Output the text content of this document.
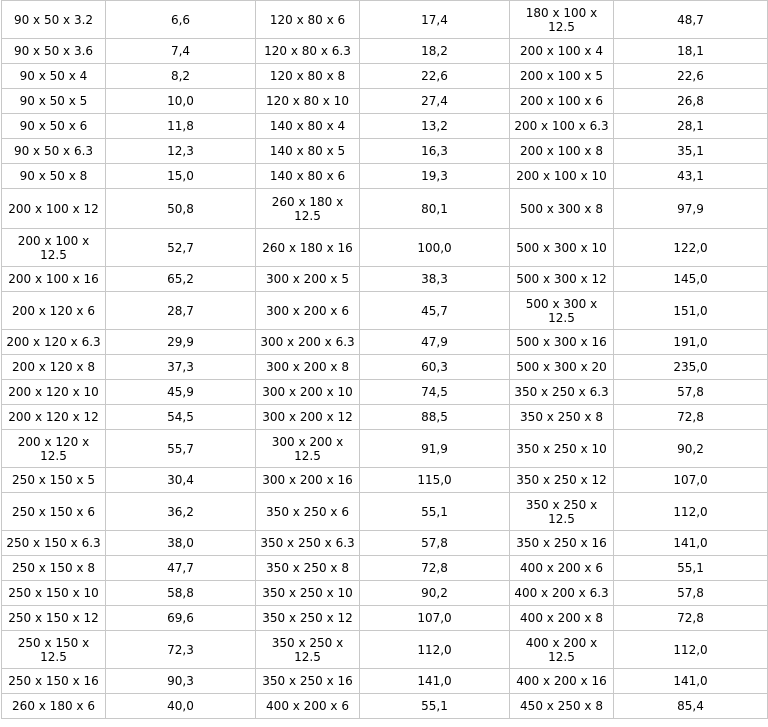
90 x 50 x 3.2	6,6	120 x 80 x 6	17,4	180 x 100 x 12.5	48,7
90 x 50 x 3.6	7,4	120 x 80 x 6.3	18,2	200 x 100 x 4	18,1
90 x 50 x 4	8,2	120 x 80 x 8	22,6	200 x 100 x 5	22,6
90 x 50 x 5	10,0	120 x 80 x 10	27,4	200 x 100 x 6	26,8
90 x 50 x 6	11,8	140 x 80 x 4	13,2	200 x 100 x 6.3	28,1
90 x 50 x 6.3	12,3	140 x 80 x 5	16,3	200 x 100 x 8	35,1
90 x 50 x 8	15,0	140 x 80 x 6	19,3	200 x 100 x 10	43,1
200 x 100 x 12	50,8	260 x 180 x 12.5	80,1	500 x 300 x 8	97,9
200 x 100 x 12.5	52,7	260 x 180 x 16	100,0	500 x 300 x 10	122,0
200 x 100 x 16	65,2	300 x 200 x 5	38,3	500 x 300 x 12	145,0
200 x 120 x 6	28,7	300 x 200 x 6	45,7	500 x 300 x 12.5	151,0
200 x 120 x 6.3	29,9	300 x 200 x 6.3	47,9	500 x 300 x 16	191,0
200 x 120 x 8	37,3	300 x 200 x 8	60,3	500 x 300 x 20	235,0
200 x 120 x 10	45,9	300 x 200 x 10	74,5	350 x 250 x 6.3	57,8
200 x 120 x 12	54,5	300 x 200 x 12	88,5	350 x 250 x 8	72,8
200 x 120 x 12.5	55,7	300 x 200 x 12.5	91,9	350 x 250 x 10	90,2
250 x 150 x 5	30,4	300 x 200 x 16	115,0	350 x 250 x 12	107,0
250 x 150 x 6	36,2	350 x 250 x 6	55,1	350 x 250 x 12.5	112,0
250 x 150 x 6.3	38,0	350 x 250 x 6.3	57,8	350 x 250 x 16	141,0
250 x 150 x 8	47,7	350 x 250 x 8	72,8	400 x 200 x 6	55,1
250 x 150 x 10	58,8	350 x 250 x 10	90,2	400 x 200 x 6.3	57,8
250 x 150 x 12	69,6	350 x 250 x 12	107,0	400 x 200 x 8	72,8
250 x 150 x 12.5	72,3	350 x 250 x 12.5	112,0	400 x 200 x 12.5	112,0
250 x 150 x 16	90,3	350 x 250 x 16	141,0	400 x 200 x 16	141,0
260 x 180 x 6	40,0	400 x 200 x 6	55,1	450 x 250 x 8	85,4
